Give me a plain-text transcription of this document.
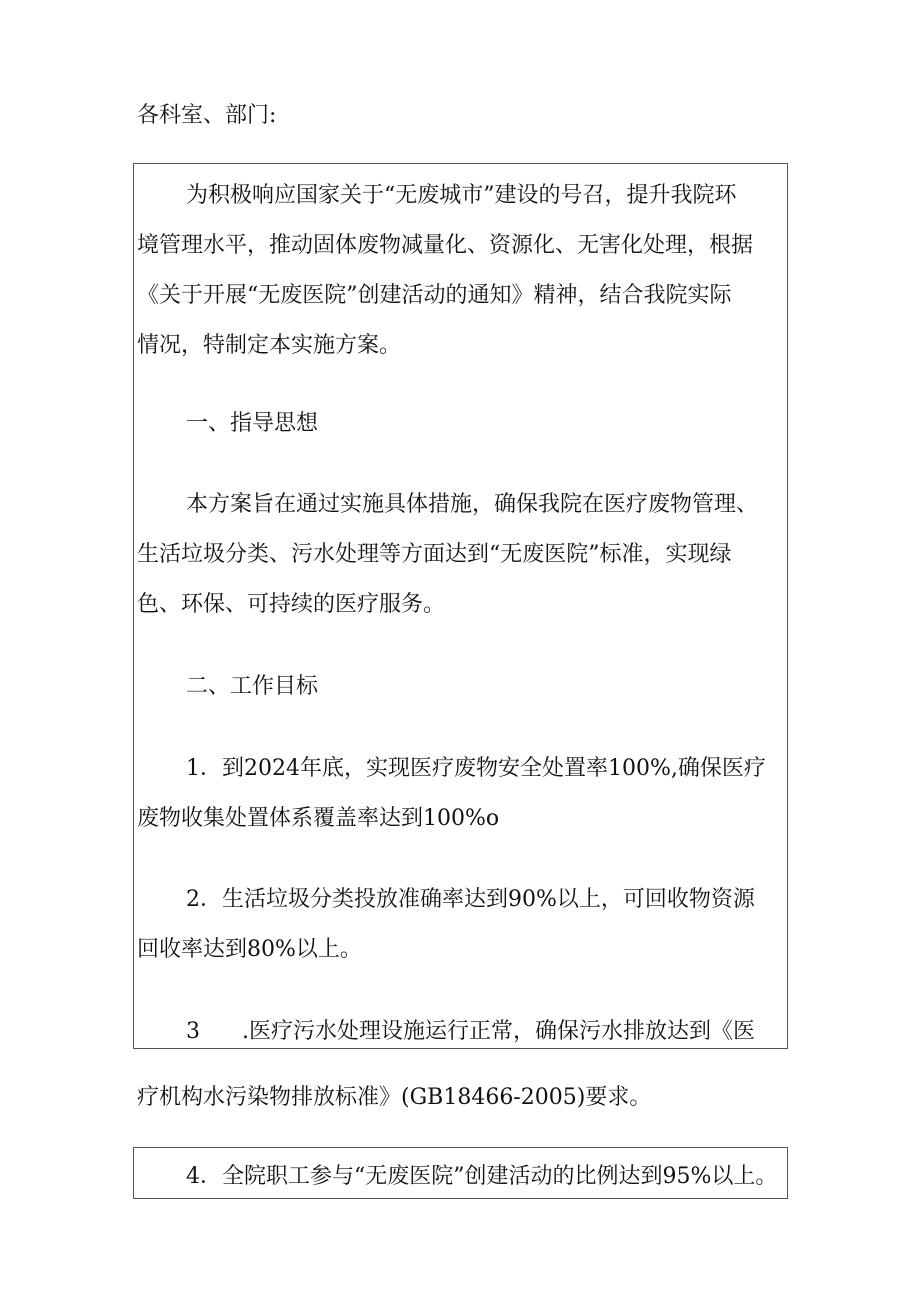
各科室、部门:

为积极响应国家关于“无废城市”建设的号召，提升我院环

境管理水平，推动固体废物减量化、资源化、无害化处理，根据

《关于开展“无废医院”创建活动的通知》精神，结合我院实际

情况，特制定本实施方案。

一、指导思想

本方案旨在通过实施具体措施，确保我院在医疗废物管理、

生活垃圾分类、污水处理等方面达到“无废医院”标准，实现绿

色、环保、可持续的医疗服务。

二、工作目标

1．到2024年底，实现医疗废物安全处置率100%,确保医疗

废物收集处置体系覆盖率达到100%o

2．生活垃圾分类投放准确率达到90%以上，可回收物资源

回收率达到80%以上。

3      .医疗污水处理设施运行正常，确保污水排放达到《医

疗机构水污染物排放标准》(GB18466-2005)要求。

4．全院职工参与“无废医院”创建活动的比例达到95%以上。
